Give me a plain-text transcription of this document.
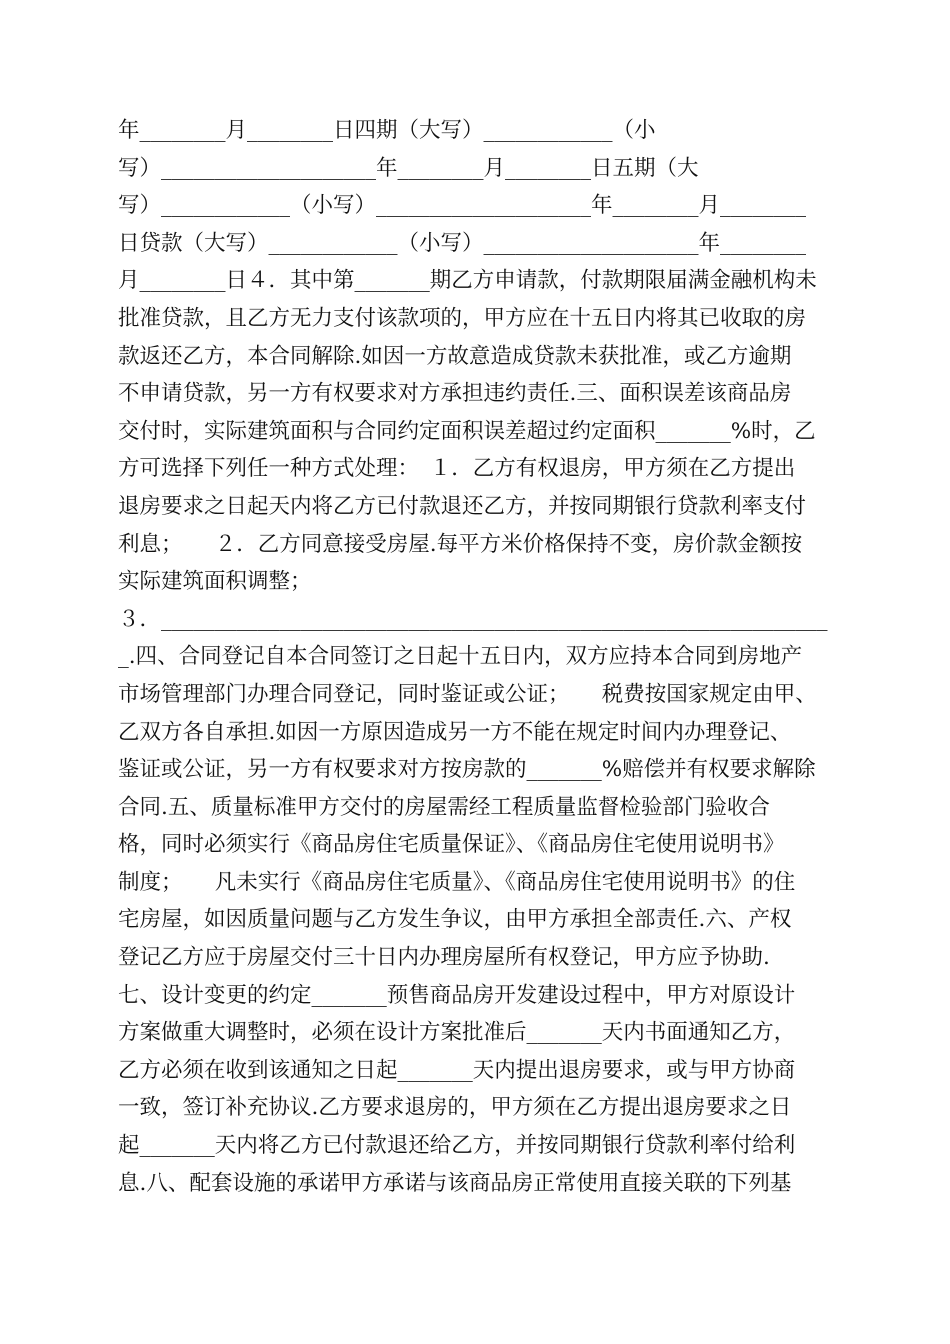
年________月________日四期（大写）____________（小
写）____________________年________月________日五期（大
写）____________（小写）____________________年________月________
日贷款（大写）____________（小写）____________________年________
月________日４．其中第_______期乙方申请款，付款期限届满金融机构未
批准贷款，且乙方无力支付该款项的，甲方应在十五日内将其已收取的房
款返还乙方，本合同解除.如因一方故意造成贷款未获批准，或乙方逾期
不申请贷款，另一方有权要求对方承担违约责任.三、面积误差该商品房
交付时，实际建筑面积与合同约定面积误差超过约定面积_______%时，乙
方可选择下列任一种方式处理：　１．乙方有权退房，甲方须在乙方提出
退房要求之日起天内将乙方已付款退还乙方，并按同期银行贷款利率支付
利息；　　２．乙方同意接受房屋.每平方米价格保持不变，房价款金额按
实际建筑面积调整；
３．______________________________________________________________
_.四、合同登记自本合同签订之日起十五日内，双方应持本合同到房地产
市场管理部门办理合同登记，同时鉴证或公证；　　税费按国家规定由甲、
乙双方各自承担.如因一方原因造成另一方不能在规定时间内办理登记、
鉴证或公证，另一方有权要求对方按房款的_______%赔偿并有权要求解除
合同.五、质量标准甲方交付的房屋需经工程质量监督检验部门验收合
格，同时必须实行《商品房住宅质量保证》、《商品房住宅使用说明书》
制度；　　凡未实行《商品房住宅质量》、《商品房住宅使用说明书》的住
宅房屋，如因质量问题与乙方发生争议，由甲方承担全部责任.六、产权
登记乙方应于房屋交付三十日内办理房屋所有权登记，甲方应予协助.
七、设计变更的约定_______预售商品房开发建设过程中，甲方对原设计
方案做重大调整时，必须在设计方案批准后_______天内书面通知乙方，
乙方必须在收到该通知之日起_______天内提出退房要求，或与甲方协商
一致，签订补充协议.乙方要求退房的，甲方须在乙方提出退房要求之日
起_______天内将乙方已付款退还给乙方，并按同期银行贷款利率付给利
息.八、配套设施的承诺甲方承诺与该商品房正常使用直接关联的下列基
